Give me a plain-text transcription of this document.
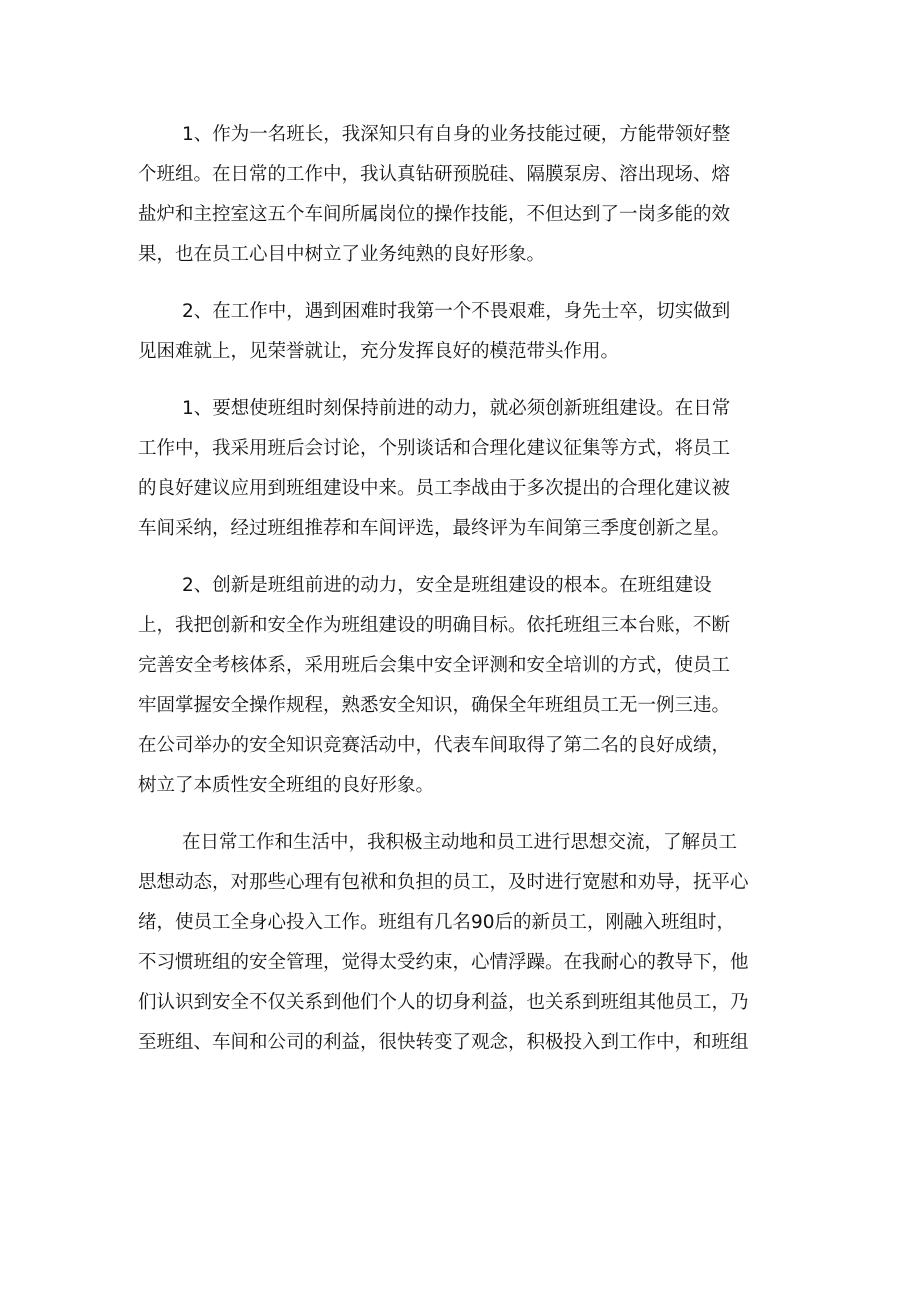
1、作为一名班长，我深知只有自身的业务技能过硬，方能带领好整
个班组。在日常的工作中，我认真钻研预脱硅、隔膜泵房、溶出现场、熔
盐炉和主控室这五个车间所属岗位的操作技能，不但达到了一岗多能的效
果，也在员工心目中树立了业务纯熟的良好形象。
2、在工作中，遇到困难时我第一个不畏艰难，身先士卒，切实做到
见困难就上，见荣誉就让，充分发挥良好的模范带头作用。
1、要想使班组时刻保持前进的动力，就必须创新班组建设。在日常
工作中，我采用班后会讨论，个别谈话和合理化建议征集等方式，将员工
的良好建议应用到班组建设中来。员工李战由于多次提出的合理化建议被
车间采纳，经过班组推荐和车间评选，最终评为车间第三季度创新之星。
2、创新是班组前进的动力，安全是班组建设的根本。在班组建设
上，我把创新和安全作为班组建设的明确目标。依托班组三本台账，不断
完善安全考核体系，采用班后会集中安全评测和安全培训的方式，使员工
牢固掌握安全操作规程，熟悉安全知识，确保全年班组员工无一例三违。
在公司举办的安全知识竞赛活动中，代表车间取得了第二名的良好成绩，
树立了本质性安全班组的良好形象。
在日常工作和生活中，我积极主动地和员工进行思想交流，了解员工
思想动态，对那些心理有包袱和负担的员工，及时进行宽慰和劝导，抚平心
绪，使员工全身心投入工作。班组有几名90后的新员工，刚融入班组时，
不习惯班组的安全管理，觉得太受约束，心情浮躁。在我耐心的教导下，他
们认识到安全不仅关系到他们个人的切身利益，也关系到班组其他员工，乃
至班组、车间和公司的利益，很快转变了观念，积极投入到工作中，和班组
